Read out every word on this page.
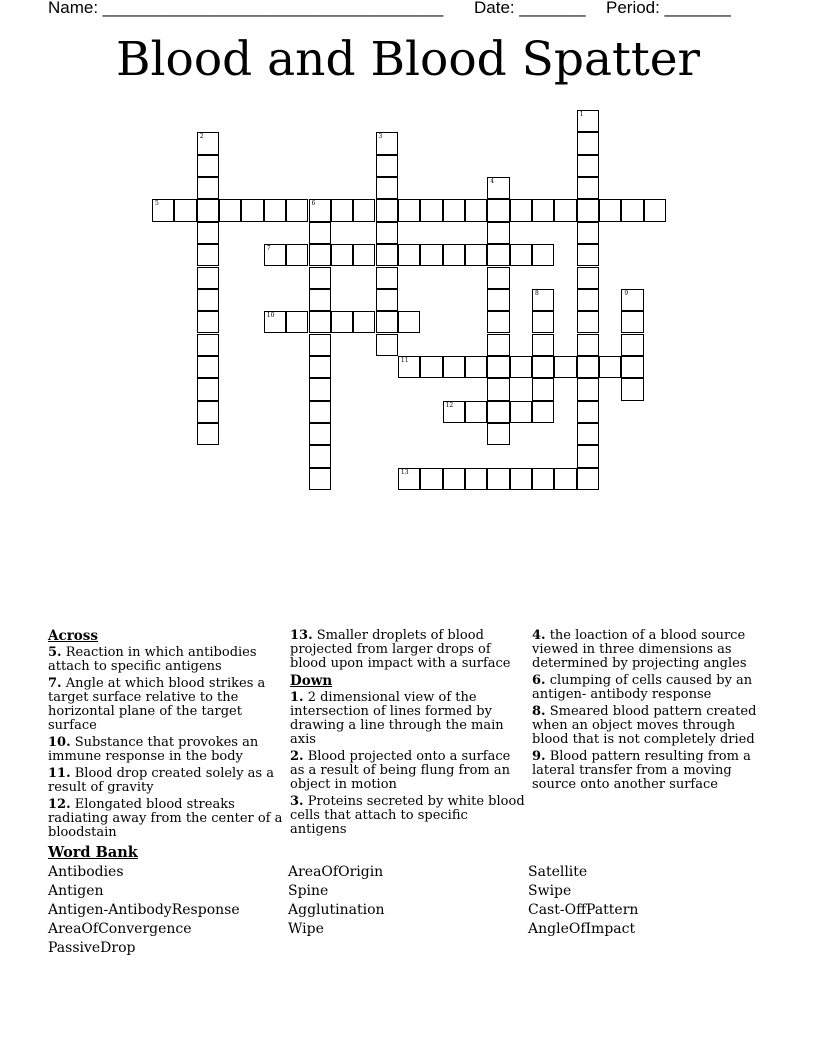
Name: ____________________________________ Date: _______ Period: _______
Blood and Blood Spatter
1
2	3
4
5	6
7
8	9
10
11
12
13
Across
5. Reaction in which antibodies attach to specific antigens
7. Angle at which blood strikes a target surface relative to the horizontal plane of the target surface
10. Substance that provokes an immune response in the body
11. Blood drop created solely as a result of gravity
12. Elongated blood streaks radiating away from the center of a bloodstain
13. Smaller droplets of blood projected from larger drops of blood upon impact with a surface
Down
1. 2 dimensional view of the intersection of lines formed by drawing a line through the main axis
2. Blood projected onto a surface as a result of being flung from an object in motion
3. Proteins secreted by white blood cells that attach to specific antigens
4. the loaction of a blood source viewed in three dimensions as determined by projecting angles
6. clumping of cells caused by an antigen- antibody response
8. Smeared blood pattern created when an object moves through blood that is not completely dried
9. Blood pattern resulting from a lateral transfer from a moving source onto another surface
Word Bank
Antibodies
Antigen
Antigen-AntibodyResponse
AreaOfConvergence
PassiveDrop
AreaOfOrigin
Spine
Agglutination
Wipe
Satellite
Swipe
Cast-OffPattern
AngleOfImpact
